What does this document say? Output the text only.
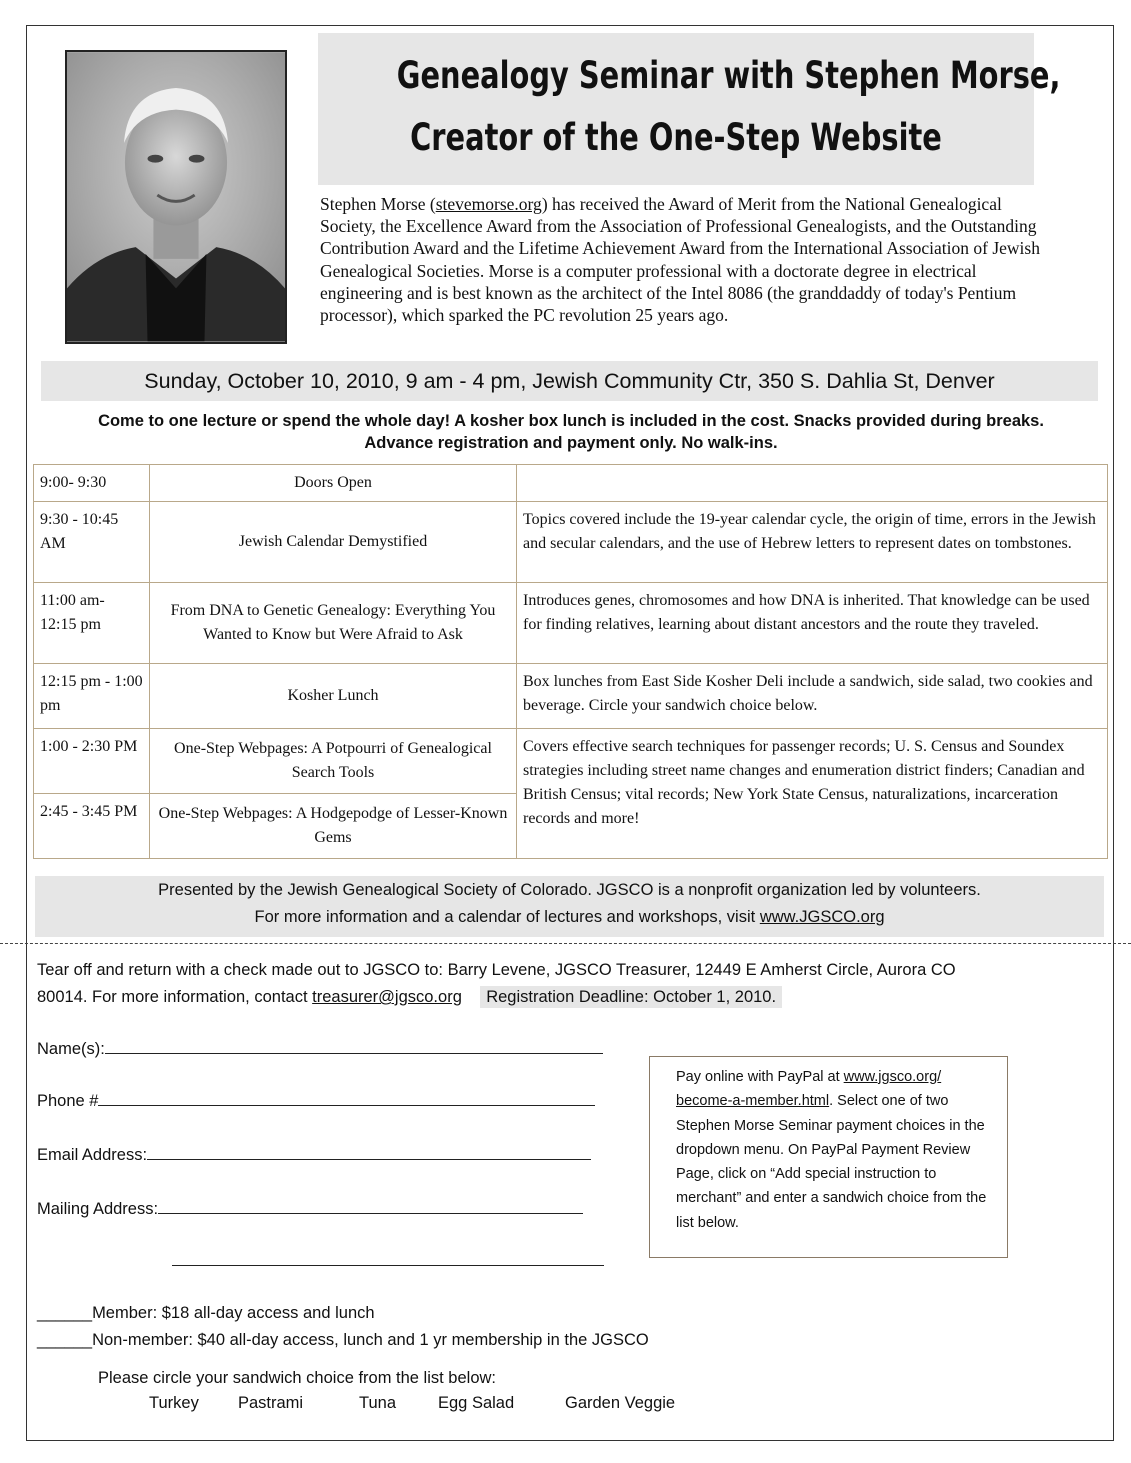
Genealogy Seminar with Stephen Morse,
Creator of the One-Step Website
Stephen Morse (stevemorse.org) has received the Award of Merit from the National Genealogical Society, the Excellence Award from the Association of Professional Genealogists, and the Outstanding Contribution Award and the Lifetime Achievement Award from the International Association of Jewish Genealogical Societies. Morse is a computer professional with a doctorate degree in electrical engineering and is best known as the architect of the Intel 8086 (the granddaddy of today's Pentium processor), which sparked the PC revolution 25 years ago.
Sunday, October 10, 2010, 9 am - 4 pm, Jewish Community Ctr, 350 S. Dahlia St, Denver
Come to one lecture or spend the whole day! A kosher box lunch is included in the cost. Snacks provided during breaks.
Advance registration and payment only. No walk-ins.
9:00- 9:30	Doors Open	
9:30 - 10:45 AM	Jewish Calendar Demystified	Topics covered include the 19-year calendar cycle, the origin of time, errors in the Jewish and secular calendars, and the use of Hebrew letters to represent dates on tombstones.
11:00 am- 12:15 pm	From DNA to Genetic Genealogy: Everything You Wanted to Know but Were Afraid to Ask	Introduces genes, chromosomes and how DNA is inherited. That knowledge can be used for finding relatives, learning about distant ancestors and the route they traveled.
12:15 pm - 1:00 pm	Kosher Lunch	Box lunches from East Side Kosher Deli include a sandwich, side salad, two cookies and beverage. Circle your sandwich choice below.
1:00 - 2:30 PM	One-Step Webpages: A Potpourri of Genealogical Search Tools	Covers effective search techniques for passenger records; U. S. Census and Soundex strategies including street name changes and enumeration district finders; Canadian and British Census; vital records; New York State Census, naturalizations, incarceration records and more!
2:45 - 3:45 PM	One-Step Webpages: A Hodgepodge of Lesser-Known Gems	
Presented by the Jewish Genealogical Society of Colorado. JGSCO is a nonprofit organization led by volunteers.
For more information and a calendar of lectures and workshops, visit www.JGSCO.org
Tear off and return with a check made out to JGSCO to: Barry Levene, JGSCO Treasurer, 12449 E Amherst Circle, Aurora CO
80014. For more information, contact treasurer@jgsco.org Registration Deadline: October 1, 2010.
Name(s):
Phone #
Email Address:
Mailing Address:
Pay online with PayPal at www.jgsco.org/ become-a-member.html. Select one of two Stephen Morse Seminar payment choices in the dropdown menu. On PayPal Payment Review Page, click on “Add special instruction to merchant” and enter a sandwich choice from the list below.
______Member: $18 all-day access and lunch
______Non-member: $40 all-day access, lunch and 1 yr membership in the JGSCO
Please circle your sandwich choice from the list below:
Turkey Pastrami	Tuna	Egg Salad	Garden Veggie
